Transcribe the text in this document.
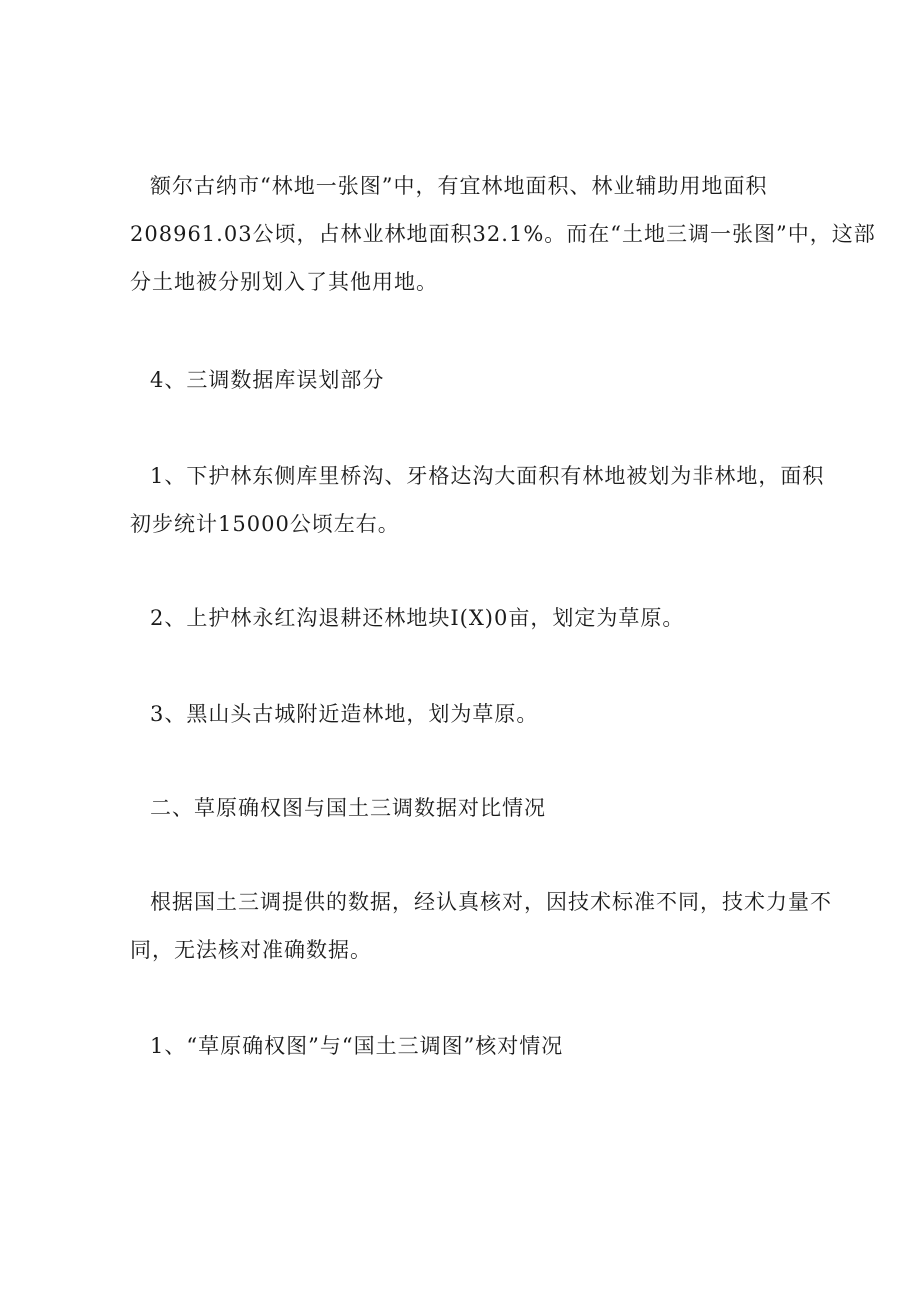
额尔古纳市“林地一张图”中，有宜林地面积、林业辅助用地面积
208961.03公顷，占林业林地面积32.1%。而在“土地三调一张图”中，这部
分土地被分别划入了其他用地。
4、三调数据库误划部分
1、下护林东侧库里桥沟、牙格达沟大面积有林地被划为非林地，面积
初步统计15000公顷左右。
2、上护林永红沟退耕还林地块I(X)0亩，划定为草原。
3、黑山头古城附近造林地，划为草原。
二、草原确权图与国土三调数据对比情况
根据国土三调提供的数据，经认真核对，因技术标准不同，技术力量不
同，无法核对准确数据。
1、“草原确权图”与“国土三调图”核对情况
